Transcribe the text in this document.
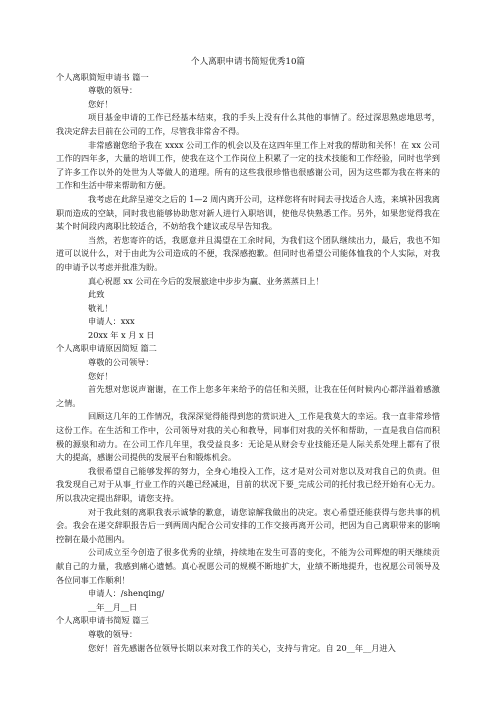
个人离职申请书简短优秀10篇

个人离职简短申请书 篇一

尊敬的领导：

您好！

项目基金申请的工作已经基本结束，我的手头上没有什么其他的事情了。经过深思熟虑地思考，我决定辞去目前在公司的工作，尽管我非常舍不得。

非常感谢您给予我在 xxxx 公司工作的机会以及在这四年里工作上对我的帮助和关怀！在 xx 公司工作的四年多，大量的培训工作，使我在这个工作岗位上积累了一定的技术技能和工作经验，同时也学到了许多工作以外的处世为人等做人的道理。所有的这些我很珍惜也很感谢公司，因为这些都为我在将来的工作和生活中带来帮助和方便。

我考虑在此辞呈递交之后的 1—2 周内离开公司，这样您将有时间去寻找适合人选，来填补因我离职而造成的空缺，同时我也能够协助您对新人进行入职培训，使他尽快熟悉工作。另外，如果您觉得我在某个时间段内离职比较适合，不妨给我个建议或尽早告知我。

当然，若您寄许的话，我愿意并且渴望在工余时间，为我们这个团队继续出力，最后，我也不知道可以说什么，对于由此为公司造成的不便，我深感抱歉。但同时也希望公司能体恤我的个人实际，对我的申请予以考虑并批准为盼。

真心祝愿 xx 公司在今后的发展旅途中步步为赢、业务蒸蒸日上！

此致

敬礼！

申请人：xxx

20xx 年 x 月 x 日

个人离职申请原因简短 篇二

尊敬的公司领导：

您好！

首先想对您说声谢谢，在工作上您多年来给予的信任和关照，让我在任何时候内心都洋溢着感激之情。

回顾这几年的工作情况，我深深觉得能得到您的赏识进入_工作是我莫大的幸运。我一直非常珍惜这份工作。在生活和工作中，公司领导对我的关心和教导，同事们对我的关怀和帮助，一直是我自信而积极的源泉和动力。在公司工作几年里，我受益良多：无论是从财会专业技能还是人际关系处理上都有了很大的提高，感谢公司提供的发展平台和锻炼机会。

我很希望自己能够发挥的努力，全身心地投入工作，这才是对公司对您以及对我自己的负责。但我发现自己对于从事_行业工作的兴趣已经减退，目前的状况下要_完成公司的托付我已经开始有心无力。所以我决定提出辞职，请您支持。

对于我此刻的离职我表示诚挚的歉意，请您谅解我做出的决定。衷心希望还能获得与您共事的机会。我会在递交辞职报告后一到两周内配合公司安排的工作交接再离开公司，把因为自己离职带来的影响控制在最小范围内。

公司成立至今创造了很多优秀的业绩，持续地在发生可喜的变化，不能为公司辉煌的明天继续贡献自己的力量，我感到痛心遗憾。真心祝愿公司的规模不断地扩大，业绩不断地提升，也祝愿公司领导及各位同事工作顺利！

申请人：/shenqing/

__年__月__日

个人离职申请书简短 篇三

尊敬的领导：

您好！首先感谢各位领导长期以来对我工作的关心，支持与肯定。自 20__年__月进入
